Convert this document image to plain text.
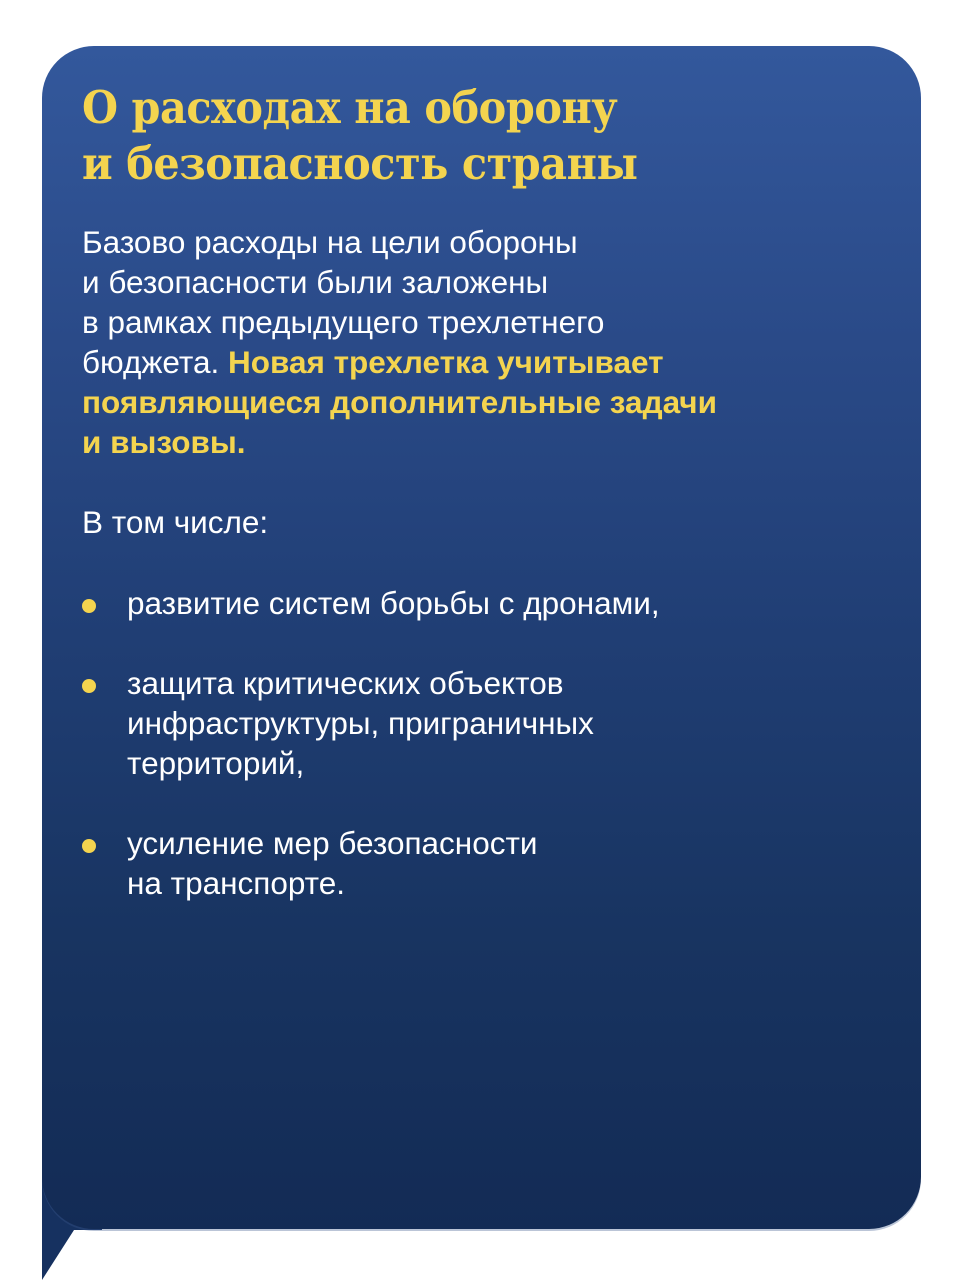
О расходах на оборону
и безопасность страны

Базово расходы на цели обороны
и безопасности были заложены
в рамках предыдущего трехлетнего
бюджета. Новая трехлетка учитывает
появляющиеся дополнительные задачи
и вызовы.

В том числе:

развитие систем борьбы с дронами,
защита критических объектов
инфраструктуры, приграничных
территорий,
усиление мер безопасности
на транспорте.
